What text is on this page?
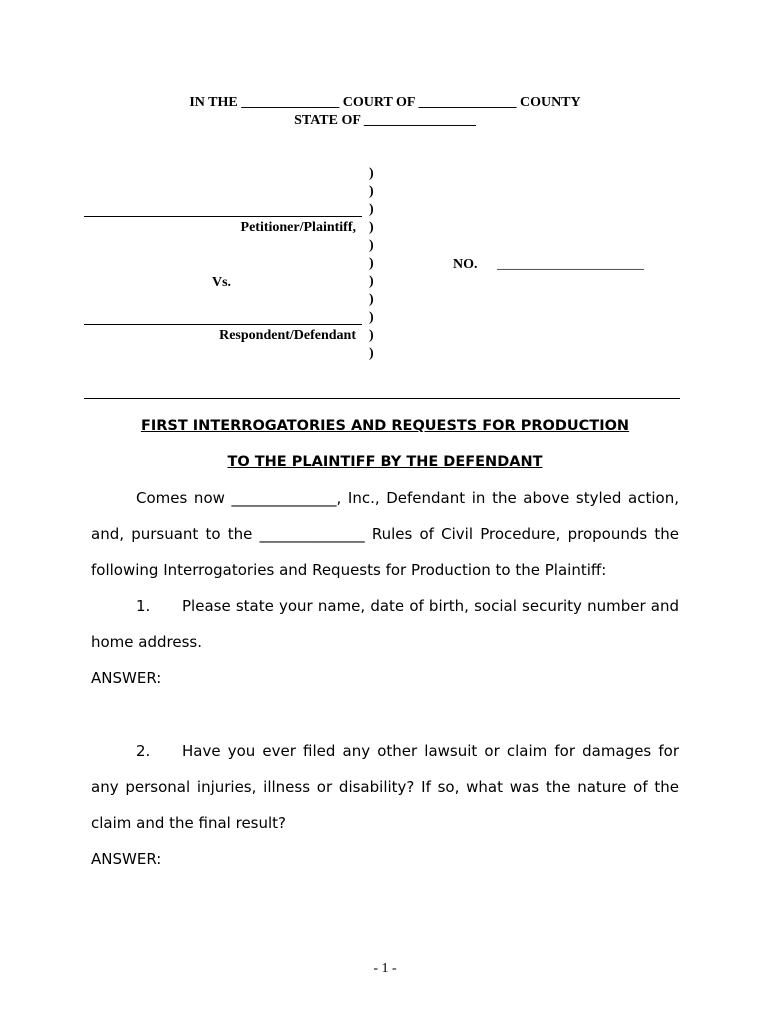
IN THE ______________ COURT OF ______________ COUNTY
STATE OF ________________
Petitioner/Plaintiff,
Vs.
Respondent/Defendant
)
)
)
)
)
)
)
)
)
)
)
NO. _____________________
FIRST INTERROGATORIES AND REQUESTS FOR PRODUCTION
TO THE PLAINTIFF BY THE DEFENDANT
Comes now ______________, Inc., Defendant in the above styled action,
and, pursuant to the ______________ Rules of Civil Procedure, propounds the
following Interrogatories and Requests for Production to the Plaintiff:
1. Please state your name, date of birth, social security number and
home address.
ANSWER:
2. Have you ever filed any other lawsuit or claim for damages for
any personal injuries, illness or disability? If so, what was the nature of the
claim and the final result?
ANSWER:
- 1 -
